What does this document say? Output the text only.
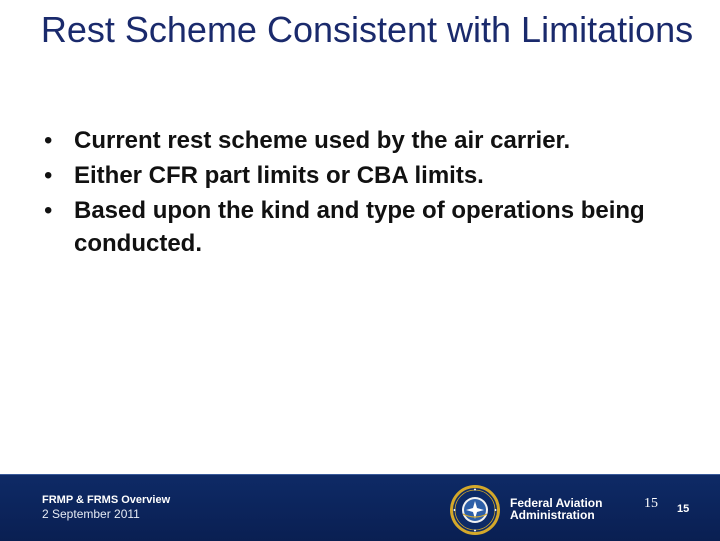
Rest Scheme Consistent with Limitations
• Current rest scheme used by the air carrier.
• Either CFR part limits or CBA limits.
• Based upon the kind and type of operations being conducted.
FRMP & FRMS Overview
2 September 2011
Federal Aviation
Administration
15 15
